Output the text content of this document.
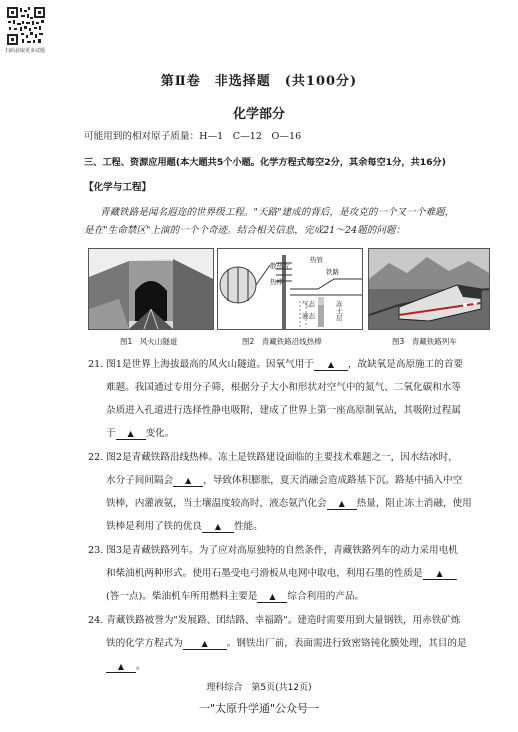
扫码获取更多试题
第Ⅱ卷　非选择题　(共100分)
化学部分
可能用到的相对原子质量：H—1　C—12　O—16
三、工程、资源应用题(本大题共5个小题。化学方程式每空2分，其余每空1分，共16分)
【化学与工程】
青藏铁路是闻名遐迩的世界级工程。"天路"建成的背后，是攻克的一个又一个难题，
是在"生命禁区"上演的一个个奇迹。结合相关信息，完成21～24题的问题：
图1　风火山隧道
热管
散热片
铁路
热棒
冻土层
气态
液态
图2　青藏铁路沿线热棒	图3　青藏铁路列车
21. 图1是世界上海拔最高的风火山隧道。因氧气用于 ▲ ，故缺氧是高原施工的首要
难题。我国通过专用分子筛，根据分子大小和形状对空气中的氮气、二氧化碳和水等
杂质进入孔道进行选择性静电吸附，建成了世界上第一座高原制氧站，其吸附过程属
于 ▲ 变化。
22. 图2是青藏铁路沿线热棒。冻土是铁路建设面临的主要技术难题之一，因水结冰时，
水分子间间隔会 ▲ ，导致体积膨胀，夏天消融会造成路基下沉。路基中插入中空
铁棒，内灌液氨，当土壤温度较高时，液态氨汽化会 ▲ 热量，阻止冻土消融，使用
铁棒是利用了铁的优良 ▲ 性能。
23. 图3是青藏铁路列车。为了应对高原独特的自然条件，青藏铁路列车的动力采用电机
和柴油机两种形式。使用石墨受电弓滑板从电网中取电，利用石墨的性质是 ▲
(答一点)。柴油机车所用燃料主要是 ▲ 综合利用的产品。
24. 青藏铁路被誉为"发展路、团结路、幸福路"。建造时需要用到大量钢铁，用赤铁矿炼
铁的化学方程式为 ▲ 。钢铁出厂前，表面需进行致密铬钝化膜处理，其目的是
▲ 。
理科综合　第5页(共12页)
一"太原升学通"公众号一
